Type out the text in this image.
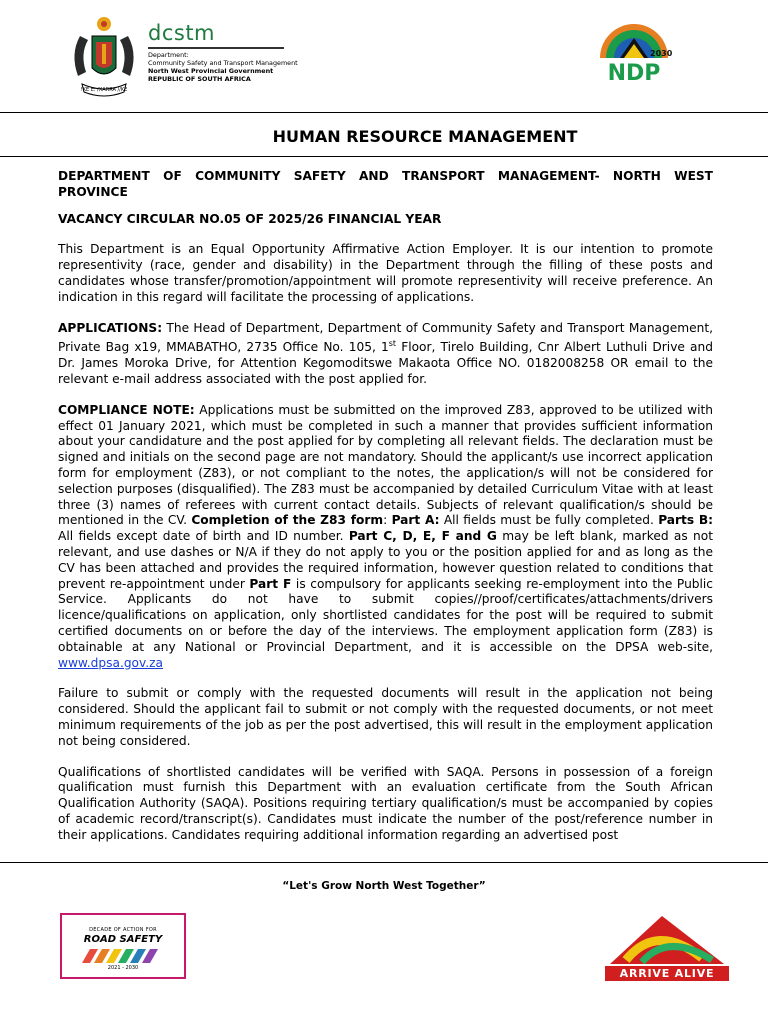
!KE E: /XARRA //KE
dcstm
Department:
Community Safety and Transport Management
North West Provincial Government
REPUBLIC OF SOUTH AFRICA
2030
NDP
HUMAN RESOURCE MANAGEMENT

DEPARTMENT OF COMMUNITY SAFETY AND TRANSPORT MANAGEMENT- NORTH WEST PROVINCE

VACANCY CIRCULAR NO.05 OF 2025/26 FINANCIAL YEAR

This Department is an Equal Opportunity Affirmative Action Employer. It is our intention to promote representivity (race, gender and disability) in the Department through the filling of these posts and candidates whose transfer/promotion/appointment will promote representivity will receive preference. An indication in this regard will facilitate the processing of applications.

APPLICATIONS: The Head of Department, Department of Community Safety and Transport Management, Private Bag x19, MMABATHO, 2735 Office No. 105, 1st Floor, Tirelo Building, Cnr Albert Luthuli Drive and Dr. James Moroka Drive, for Attention Kegomoditswe Makaota Office NO. 0182008258 OR email to the relevant e-mail address associated with the post applied for.

COMPLIANCE NOTE: Applications must be submitted on the improved Z83, approved to be utilized with effect 01 January 2021, which must be completed in such a manner that provides sufficient information about your candidature and the post applied for by completing all relevant fields. The declaration must be signed and initials on the second page are not mandatory. Should the applicant/s use incorrect application form for employment (Z83), or not compliant to the notes, the application/s will not be considered for selection purposes (disqualified). The Z83 must be accompanied by detailed Curriculum Vitae with at least three (3) names of referees with current contact details. Subjects of relevant qualification/s should be mentioned in the CV. Completion of the Z83 form: Part A: All fields must be fully completed. Parts B: All fields except date of birth and ID number. Part C, D, E, F and G may be left blank, marked as not relevant, and use dashes or N/A if they do not apply to you or the position applied for and as long as the CV has been attached and provides the required information, however question related to conditions that prevent re-appointment under Part F is compulsory for applicants seeking re-employment into the Public Service. Applicants do not have to submit copies//proof/certificates/attachments/drivers licence/qualifications on application, only shortlisted candidates for the post will be required to submit certified documents on or before the day of the interviews. The employment application form (Z83) is obtainable at any National or Provincial Department, and it is accessible on the DPSA web-site, www.dpsa.gov.za

Failure to submit or comply with the requested documents will result in the application not being considered. Should the applicant fail to submit or not comply with the requested documents, or not meet minimum requirements of the job as per the post advertised, this will result in the employment application not being considered.

Qualifications of shortlisted candidates will be verified with SAQA. Persons in possession of a foreign qualification must furnish this Department with an evaluation certificate from the South African Qualification Authority (SAQA). Positions requiring tertiary qualification/s must be accompanied by copies of academic record/transcript(s). Candidates must indicate the number of the post/reference number in their applications. Candidates requiring additional information regarding an advertised post

“Let's Grow North West Together”
DECADE OF ACTION FOR
ROAD SAFETY
2021 - 2030	ARRIVE ALIVE
